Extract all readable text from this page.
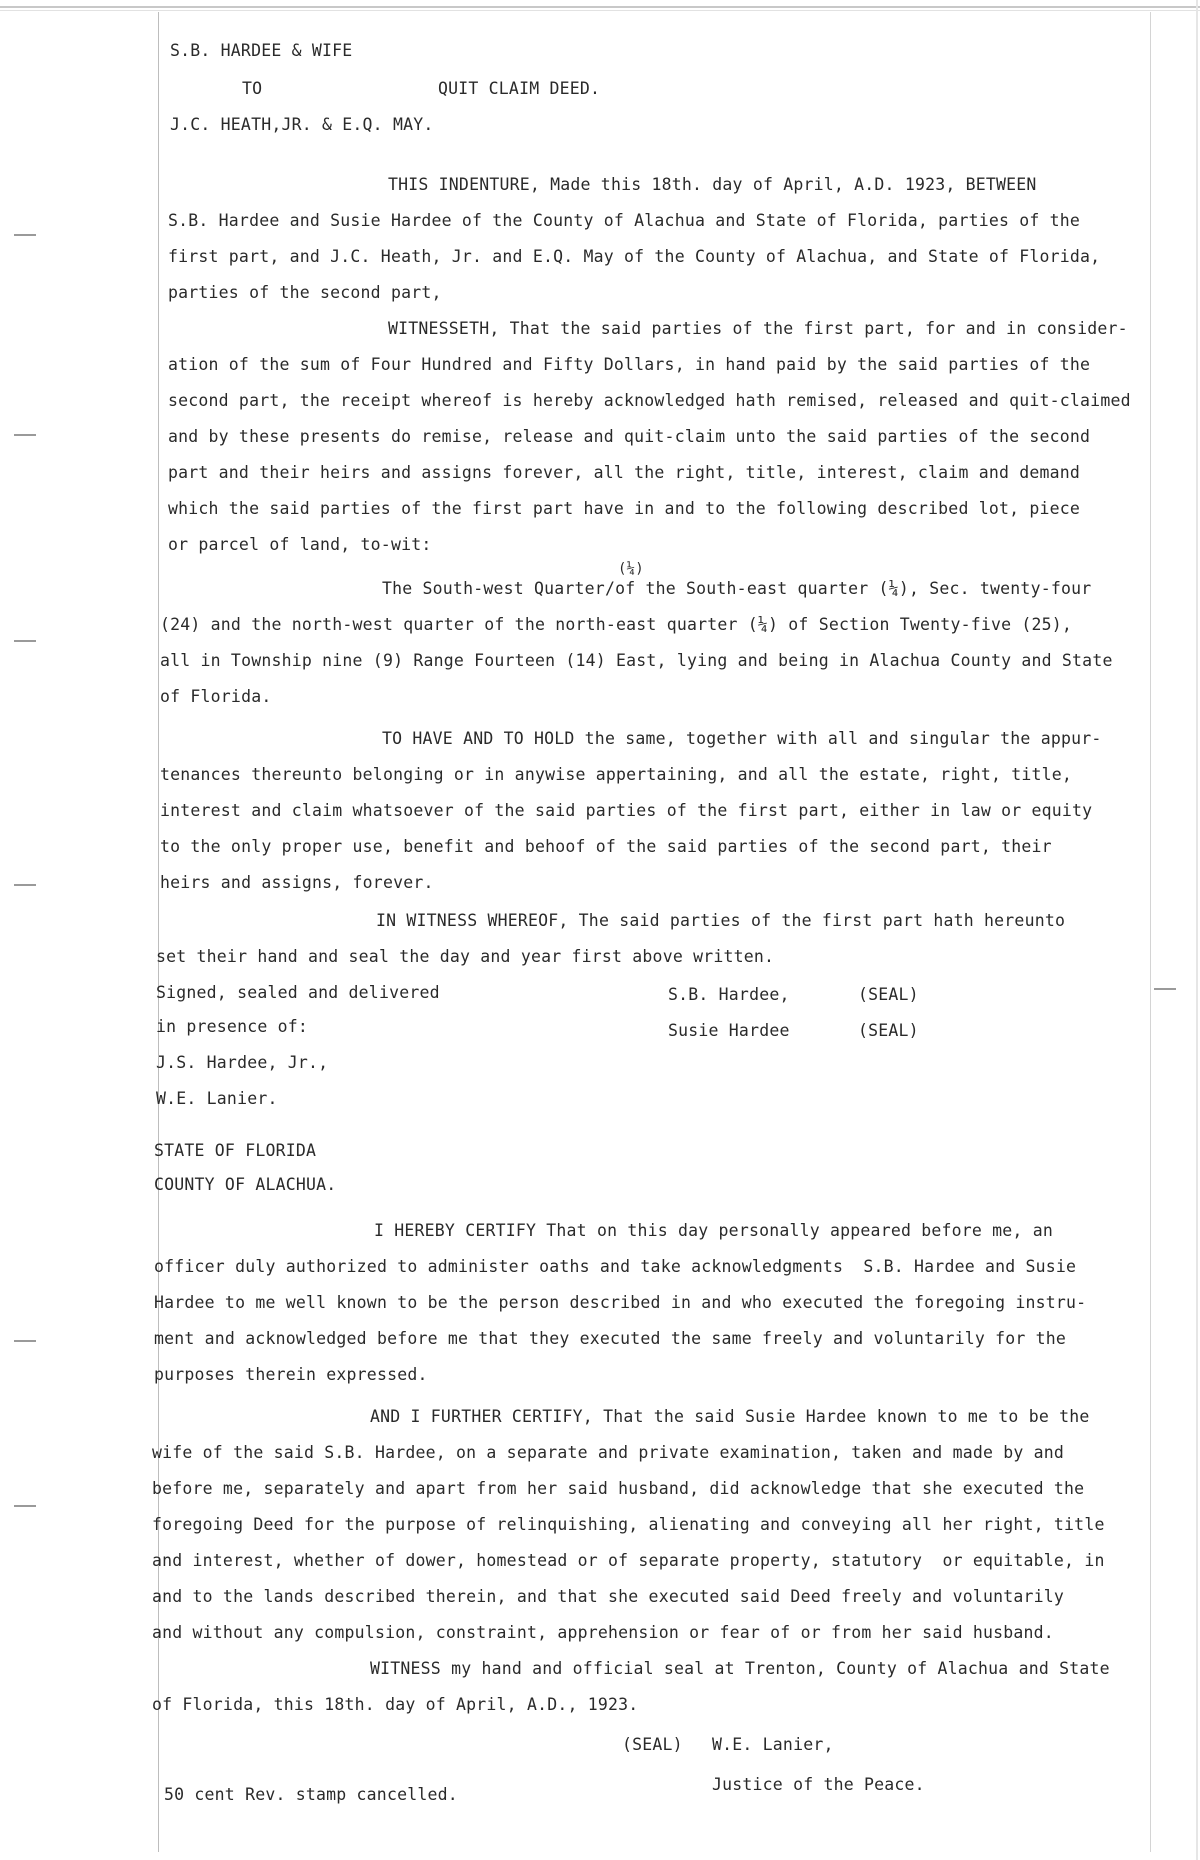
S.B. HARDEE & WIFE
TO	QUIT CLAIM DEED.
J.C. HEATH,JR. & E.Q. MAY.
THIS INDENTURE, Made this 18th. day of April, A.D. 1923, BETWEEN
S.B. Hardee and Susie Hardee of the County of Alachua and State of Florida, parties of the
first part, and J.C. Heath, Jr. and E.Q. May of the County of Alachua, and State of Florida,
parties of the second part,
WITNESSETH, That the said parties of the first part, for and in consider-
ation of the sum of Four Hundred and Fifty Dollars, in hand paid by the said parties of the
second part, the receipt whereof is hereby acknowledged hath remised, released and quit-claimed
and by these presents do remise, release and quit-claim unto the said parties of the second
part and their heirs and assigns forever, all the right, title, interest, claim and demand
which the said parties of the first part have in and to the following described lot, piece
or parcel of land, to-wit:
(¼)
The South-west Quarter/of the South-east quarter (¼), Sec. twenty-four
(24) and the north-west quarter of the north-east quarter (¼) of Section Twenty-five (25),
all in Township nine (9) Range Fourteen (14) East, lying and being in Alachua County and State
of Florida.
TO HAVE AND TO HOLD the same, together with all and singular the appur-
tenances thereunto belonging or in anywise appertaining, and all the estate, right, title,
interest and claim whatsoever of the said parties of the first part, either in law or equity
to the only proper use, benefit and behoof of the said parties of the second part, their
heirs and assigns, forever.
IN WITNESS WHEREOF, The said parties of the first part hath hereunto
set their hand and seal the day and year first above written.
Signed, sealed and delivered
in presence of:
S.B. Hardee,	(SEAL)
Susie Hardee	(SEAL)
J.S. Hardee, Jr.,
W.E. Lanier.
STATE OF FLORIDA
COUNTY OF ALACHUA.
I HEREBY CERTIFY That on this day personally appeared before me, an
officer duly authorized to administer oaths and take acknowledgments  S.B. Hardee and Susie
Hardee to me well known to be the person described in and who executed the foregoing instru-
ment and acknowledged before me that they executed the same freely and voluntarily for the
purposes therein expressed.
AND I FURTHER CERTIFY, That the said Susie Hardee known to me to be the
wife of the said S.B. Hardee, on a separate and private examination, taken and made by and
before me, separately and apart from her said husband, did acknowledge that she executed the
foregoing Deed for the purpose of relinquishing, alienating and conveying all her right, title
and interest, whether of dower, homestead or of separate property, statutory  or equitable, in
and to the lands described therein, and that she executed said Deed freely and voluntarily
and without any compulsion, constraint, apprehension or fear of or from her said husband.
WITNESS my hand and official seal at Trenton, County of Alachua and State
of Florida, this 18th. day of April, A.D., 1923.
(SEAL) W.E. Lanier,
Justice of the Peace.
50 cent Rev. stamp cancelled.
